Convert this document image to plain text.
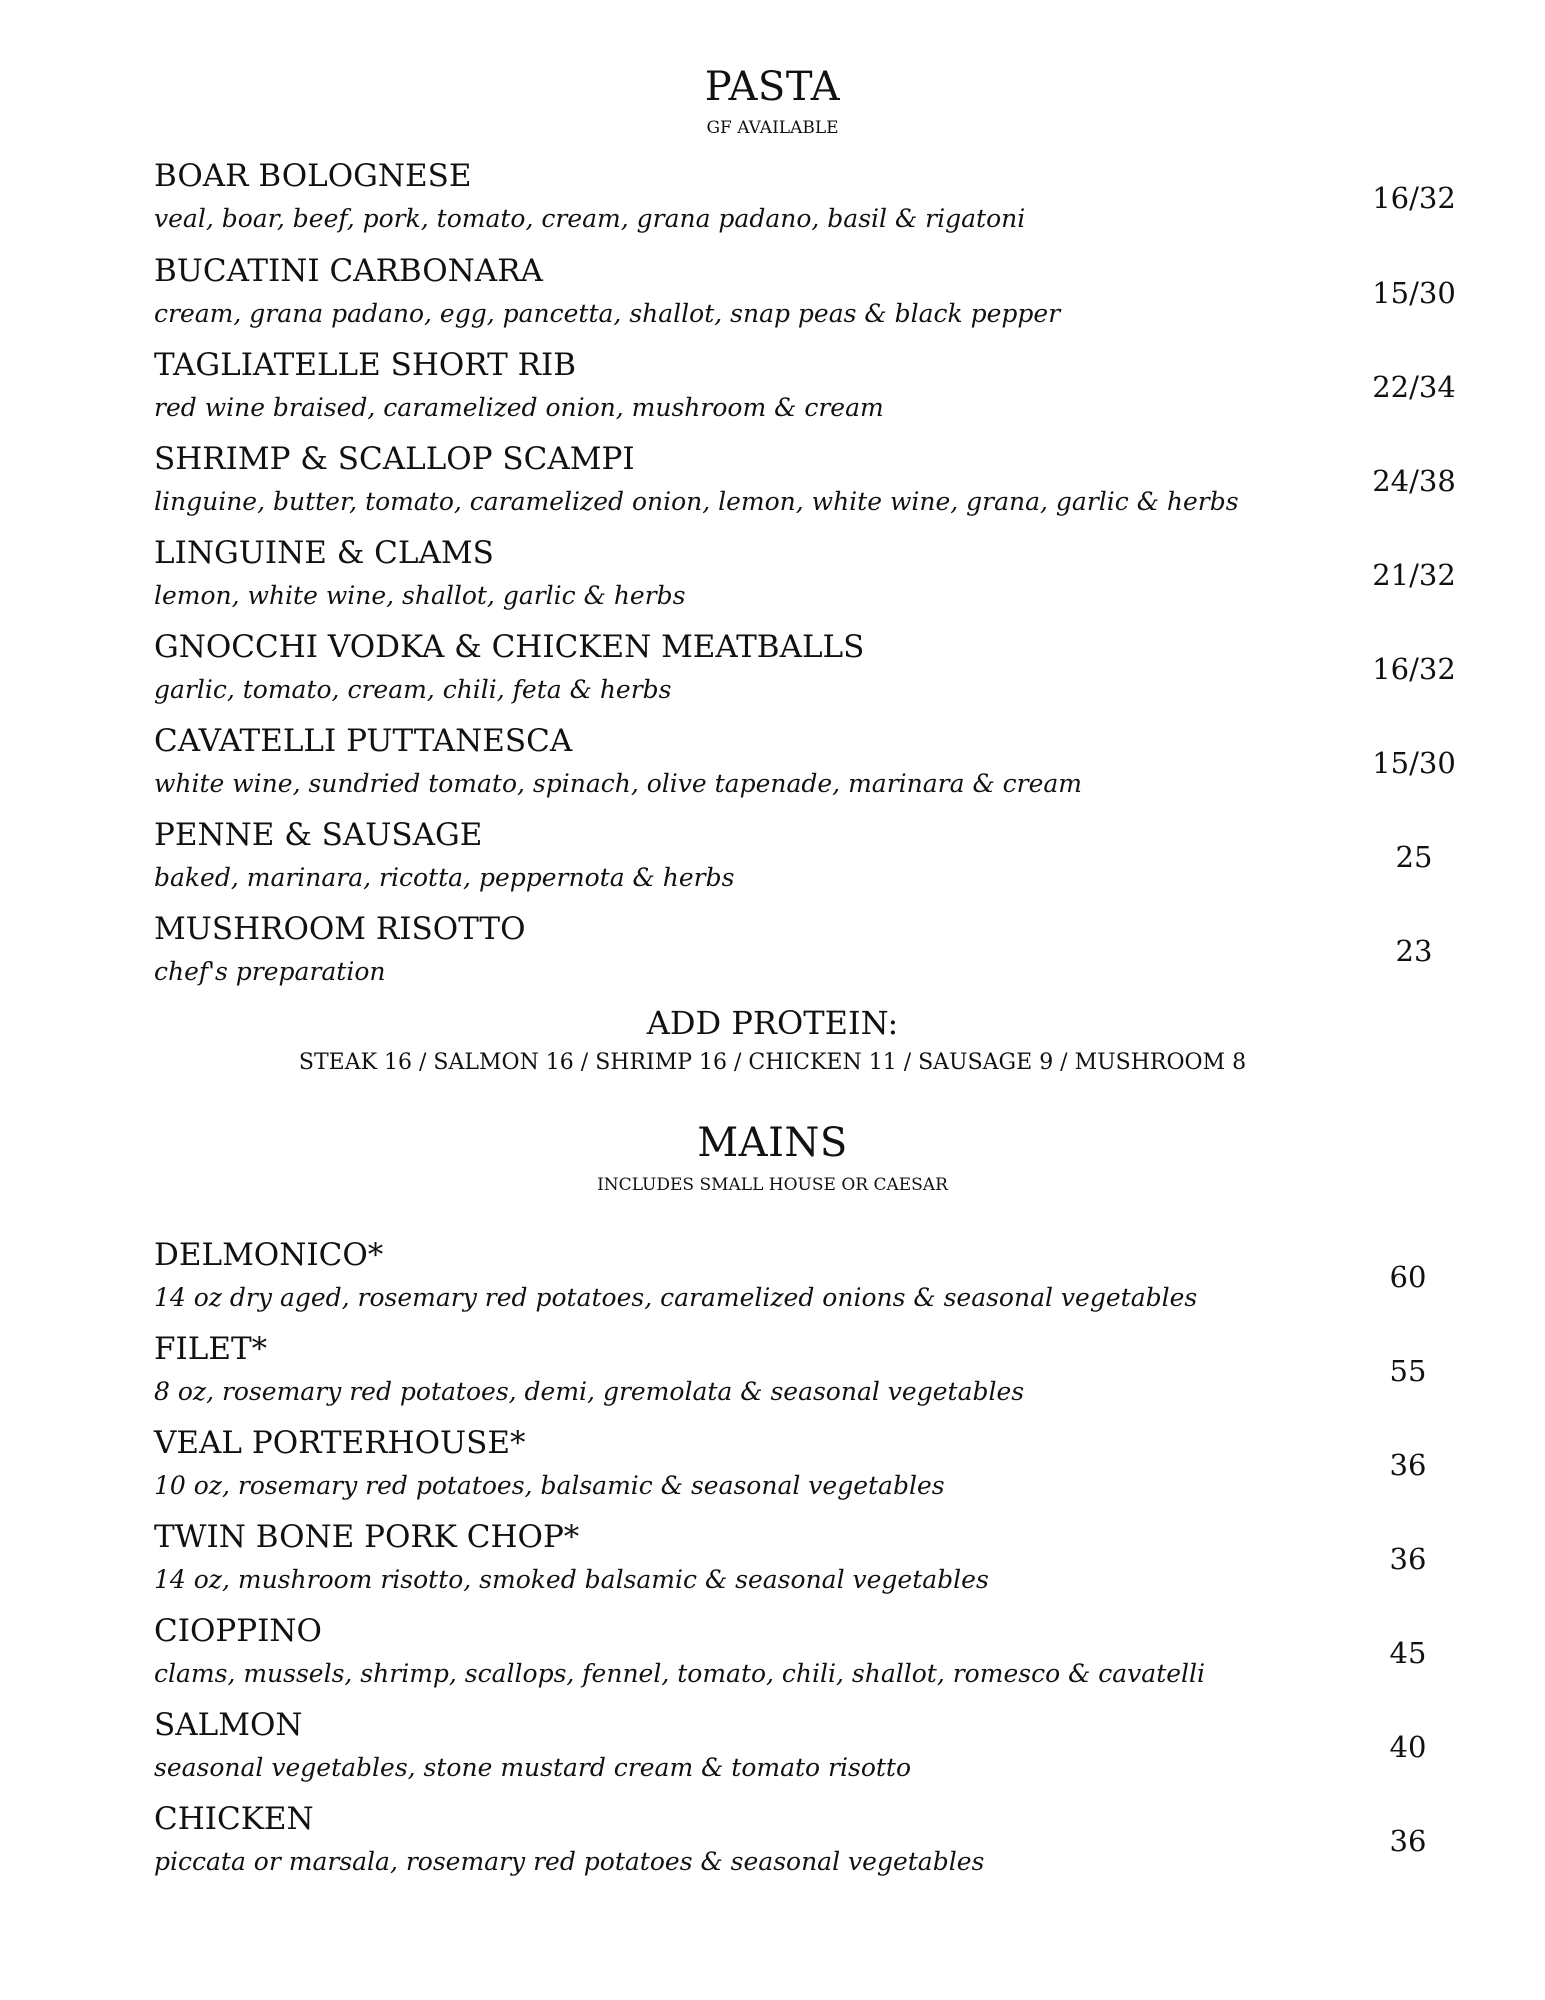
PASTA
GF AVAILABLE
BOAR BOLOGNESE
veal, boar, beef, pork, tomato, cream, grana padano, basil & rigatoni
16/32
BUCATINI CARBONARA
cream, grana padano, egg, pancetta, shallot, snap peas & black pepper
15/30
TAGLIATELLE SHORT RIB
red wine braised, caramelized onion, mushroom & cream
22/34
SHRIMP & SCALLOP SCAMPI
linguine, butter, tomato, caramelized onion, lemon, white wine, grana, garlic & herbs
24/38
LINGUINE & CLAMS
lemon, white wine, shallot, garlic & herbs
21/32
GNOCCHI VODKA & CHICKEN MEATBALLS
garlic, tomato, cream, chili, feta & herbs
16/32
CAVATELLI PUTTANESCA
white wine, sundried tomato, spinach, olive tapenade, marinara & cream
15/30
PENNE & SAUSAGE
baked, marinara, ricotta, peppernota & herbs
25
MUSHROOM RISOTTO
chef's preparation
23
ADD PROTEIN:
STEAK 16 / SALMON 16 / SHRIMP 16 / CHICKEN 11 / SAUSAGE 9 / MUSHROOM 8
MAINS
INCLUDES SMALL HOUSE OR CAESAR
DELMONICO*
14 oz dry aged, rosemary red potatoes, caramelized onions & seasonal vegetables
60
FILET*
8 oz, rosemary red potatoes, demi, gremolata & seasonal vegetables
55
VEAL PORTERHOUSE*
10 oz, rosemary red potatoes, balsamic & seasonal vegetables
36
TWIN BONE PORK CHOP*
14 oz, mushroom risotto, smoked balsamic & seasonal vegetables
36
CIOPPINO
clams, mussels, shrimp, scallops, fennel, tomato, chili, shallot, romesco & cavatelli
45
SALMON
seasonal vegetables, stone mustard cream & tomato risotto
40
CHICKEN
piccata or marsala, rosemary red potatoes & seasonal vegetables
36
